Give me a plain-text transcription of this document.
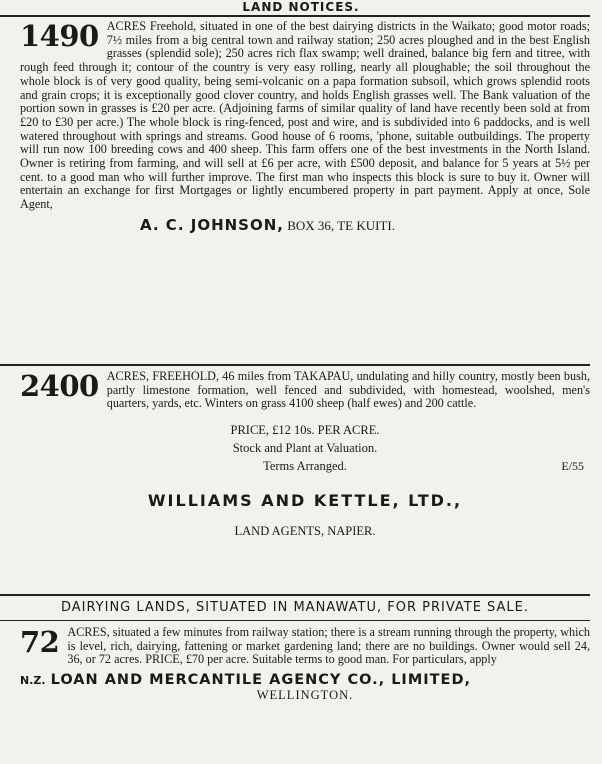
LAND NOTICES.

1490 ACRES Freehold, situated in one of the best dairying districts in the Waikato; good motor roads; 7½ miles from a big central town and railway station; 250 acres ploughed and in the best English grasses (splendid sole); 250 acres rich flax swamp; well drained, balance big fern and titree, with rough feed through it; contour of the country is very easy rolling, nearly all ploughable; the soil throughout the whole block is of very good quality, being semi-volcanic on a papa formation subsoil, which grows splendid roots and grain crops; it is exceptionally good clover country, and holds English grasses well. The Bank valuation of the portion sown in grasses is £20 per acre. (Adjoining farms of similar quality of land have recently been sold at from £20 to £30 per acre.) The whole block is ring-fenced, post and wire, and is subdivided into 6 paddocks, and is well watered throughout with springs and streams. Good house of 6 rooms, 'phone, suitable outbuildings. The property will run now 100 breeding cows and 400 sheep. This farm offers one of the best investments in the North Island. Owner is retiring from farming, and will sell at £6 per acre, with £500 deposit, and balance for 5 years at 5½ per cent. to a good man who will further improve. The first man who inspects this block is sure to buy it. Owner will entertain an exchange for first Mortgages or lightly encumbered property in part payment. Apply at once, Sole Agent,

A. C. JOHNSON, BOX 36, TE KUITI.

2400 ACRES, FREEHOLD, 46 miles from TAKAPAU, undulating and hilly country, mostly been bush, partly limestone formation, well fenced and subdivided, with homestead, woolshed, men's quarters, yards, etc. Winters on grass 4100 sheep (half ewes) and 200 cattle.

PRICE, £12 10s. PER ACRE.
Stock and Plant at Valuation.
Terms Arranged.	E/55
WILLIAMS AND KETTLE, LTD.,
LAND AGENTS, NAPIER.
DAIRYING LANDS, SITUATED IN MANAWATU, FOR PRIVATE SALE.

72 ACRES, situated a few minutes from railway station; there is a stream running through the property, which is level, rich, dairying, fattening or market gardening land; there are no buildings. Owner would sell 24, 36, or 72 acres. PRICE, £70 per acre. Suitable terms to good man. For particulars, apply

N.Z. LOAN AND MERCANTILE AGENCY CO., LIMITED,
WELLINGTON.
